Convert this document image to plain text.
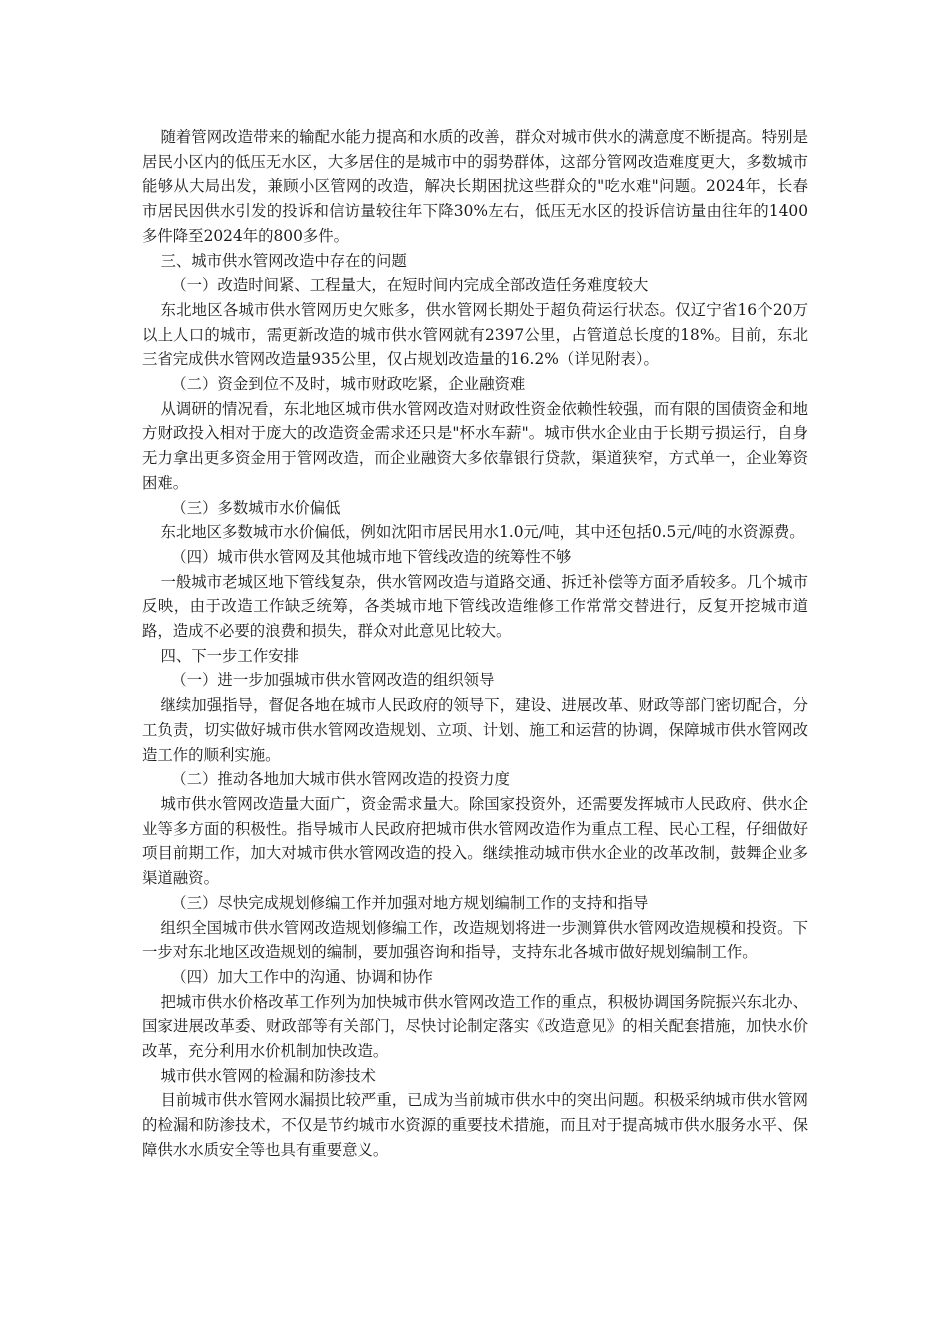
随着管网改造带来的输配水能力提高和水质的改善，群众对城市供水的满意度不断提高。特别是居民小区内的低压无水区，大多居住的是城市中的弱势群体，这部分管网改造难度更大，多数城市能够从大局出发，兼顾小区管网的改造，解决长期困扰这些群众的"吃水难"问题。2024年，长春市居民因供水引发的投诉和信访量较往年下降30%左右，低压无水区的投诉信访量由往年的1400多件降至2024年的800多件。

三、城市供水管网改造中存在的问题

（一）改造时间紧、工程量大，在短时间内完成全部改造任务难度较大

东北地区各城市供水管网历史欠账多，供水管网长期处于超负荷运行状态。仅辽宁省16个20万以上人口的城市，需更新改造的城市供水管网就有2397公里，占管道总长度的18%。目前，东北三省完成供水管网改造量935公里，仅占规划改造量的16.2%（详见附表）。

（二）资金到位不及时，城市财政吃紧，企业融资难

从调研的情况看，东北地区城市供水管网改造对财政性资金依赖性较强，而有限的国债资金和地方财政投入相对于庞大的改造资金需求还只是"杯水车薪"。城市供水企业由于长期亏损运行，自身无力拿出更多资金用于管网改造，而企业融资大多依靠银行贷款，渠道狭窄，方式单一，企业筹资困难。

（三）多数城市水价偏低

东北地区多数城市水价偏低，例如沈阳市居民用水1.0元/吨，其中还包括0.5元/吨的水资源费。

（四）城市供水管网及其他城市地下管线改造的统筹性不够

一般城市老城区地下管线复杂，供水管网改造与道路交通、拆迁补偿等方面矛盾较多。几个城市反映，由于改造工作缺乏统筹，各类城市地下管线改造维修工作常常交替进行，反复开挖城市道路，造成不必要的浪费和损失，群众对此意见比较大。

四、下一步工作安排

（一）进一步加强城市供水管网改造的组织领导

继续加强指导，督促各地在城市人民政府的领导下，建设、进展改革、财政等部门密切配合，分工负责，切实做好城市供水管网改造规划、立项、计划、施工和运营的协调，保障城市供水管网改造工作的顺利实施。

（二）推动各地加大城市供水管网改造的投资力度

城市供水管网改造量大面广，资金需求量大。除国家投资外，还需要发挥城市人民政府、供水企业等多方面的积极性。指导城市人民政府把城市供水管网改造作为重点工程、民心工程，仔细做好项目前期工作，加大对城市供水管网改造的投入。继续推动城市供水企业的改革改制，鼓舞企业多渠道融资。

（三）尽快完成规划修编工作并加强对地方规划编制工作的支持和指导

组织全国城市供水管网改造规划修编工作，改造规划将进一步测算供水管网改造规模和投资。下一步对东北地区改造规划的编制，要加强咨询和指导，支持东北各城市做好规划编制工作。

（四）加大工作中的沟通、协调和协作

把城市供水价格改革工作列为加快城市供水管网改造工作的重点，积极协调国务院振兴东北办、国家进展改革委、财政部等有关部门，尽快讨论制定落实《改造意见》的相关配套措施，加快水价改革，充分利用水价机制加快改造。

城市供水管网的检漏和防渗技术

目前城市供水管网水漏损比较严重，已成为当前城市供水中的突出问题。积极采纳城市供水管网的检漏和防渗技术，不仅是节约城市水资源的重要技术措施，而且对于提高城市供水服务水平、保障供水水质安全等也具有重要意义。
